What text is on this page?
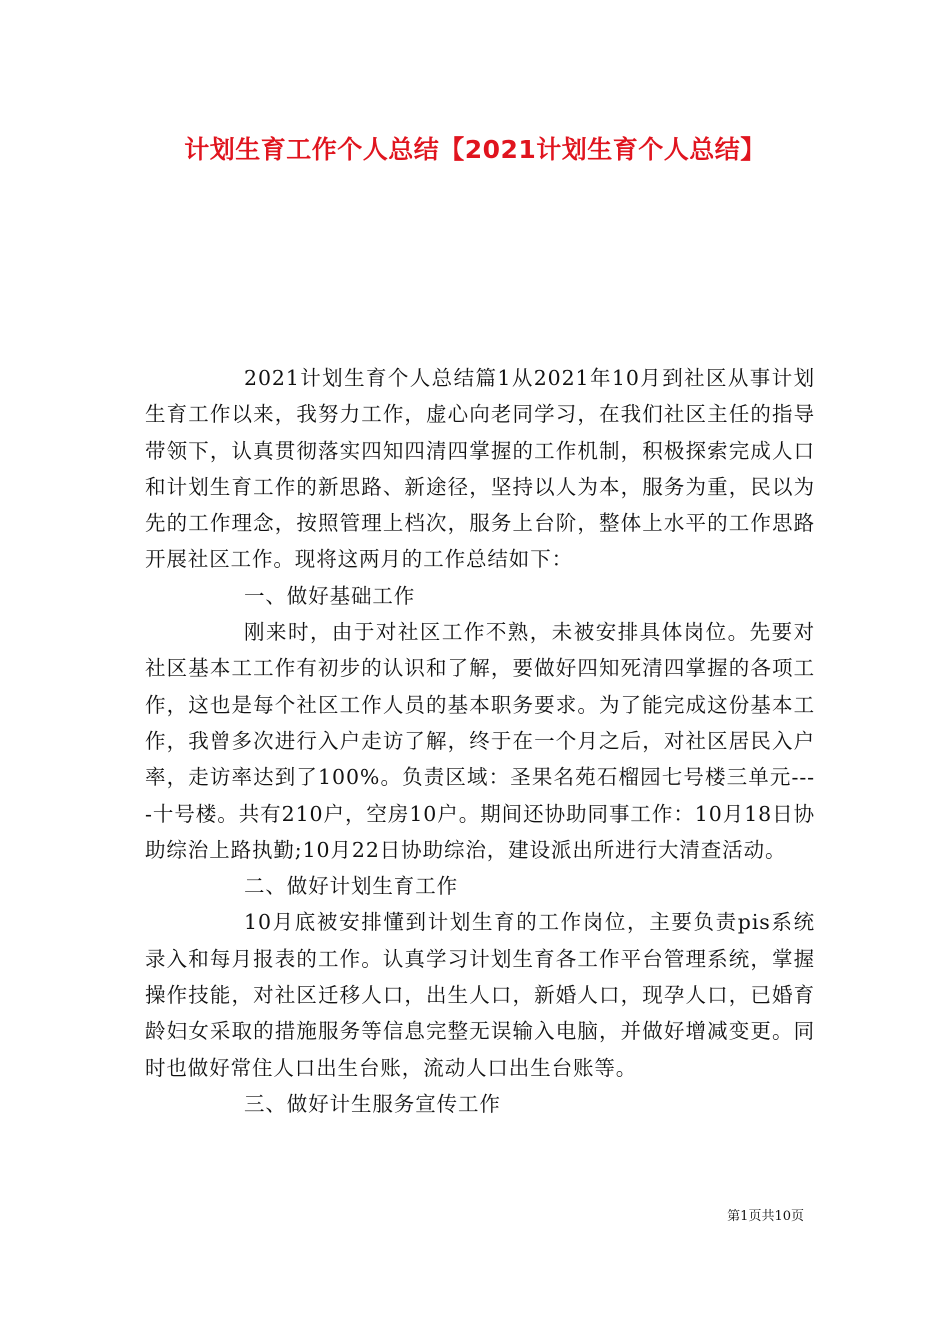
计划生育工作个人总结【2021计划生育个人总结】

2021计划生育个人总结篇1从2021年10月到社区从事计划生育工作以来，我努力工作，虚心向老同学习，在我们社区主任的指导带领下，认真贯彻落实四知四清四掌握的工作机制，积极探索完成人口和计划生育工作的新思路、新途径，坚持以人为本，服务为重，民以为先的工作理念，按照管理上档次，服务上台阶，整体上水平的工作思路开展社区工作。现将这两月的工作总结如下：

一、做好基础工作

刚来时，由于对社区工作不熟，未被安排具体岗位。先要对社区基本工工作有初步的认识和了解，要做好四知死清四掌握的各项工作，这也是每个社区工作人员的基本职务要求。为了能完成这份基本工作，我曾多次进行入户走访了解，终于在一个月之后，对社区居民入户率，走访率达到了100%。负责区域：圣果名苑石榴园七号楼三单元----十号楼。共有210户，空房10户。期间还协助同事工作：10月18日协助综治上路执勤;10月22日协助综治，建设派出所进行大清查活动。

二、做好计划生育工作

10月底被安排懂到计划生育的工作岗位，主要负责pis系统录入和每月报表的工作。认真学习计划生育各工作平台管理系统，掌握操作技能，对社区迁移人口，出生人口，新婚人口，现孕人口，已婚育龄妇女采取的措施服务等信息完整无误输入电脑，并做好增减变更。同时也做好常住人口出生台账，流动人口出生台账等。

三、做好计生服务宣传工作

第1页共10页
